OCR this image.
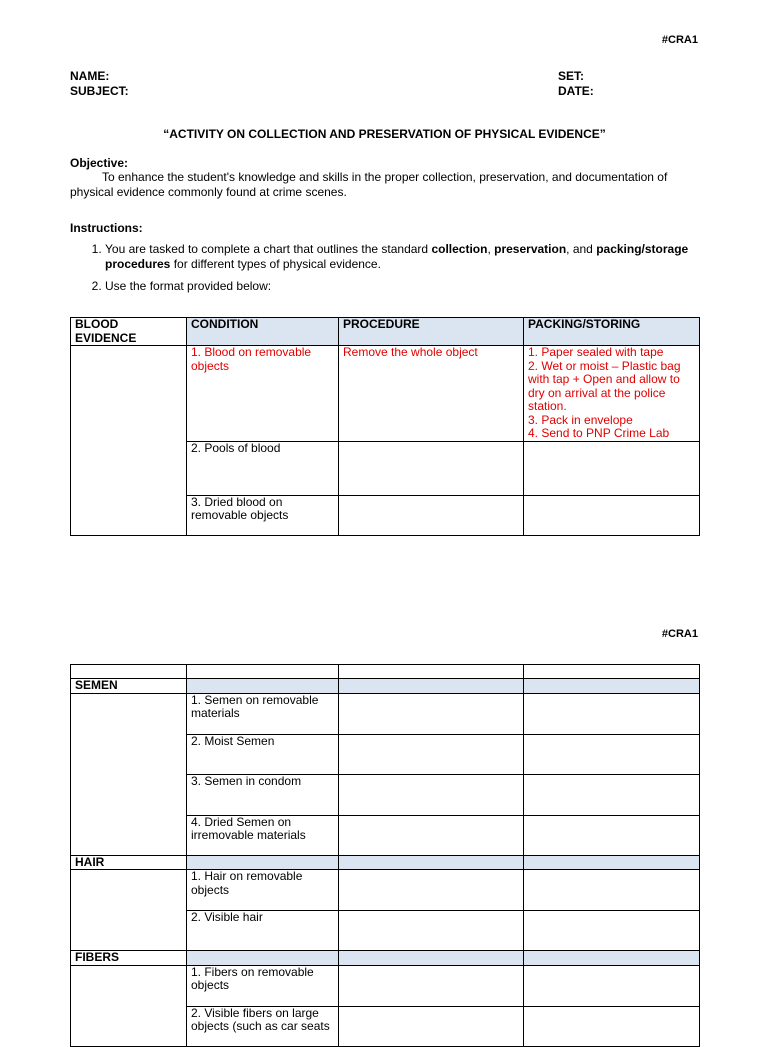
#CRA1
NAME:
SUBJECT:
SET:
DATE:
“ACTIVITY ON COLLECTION AND PRESERVATION OF PHYSICAL EVIDENCE”
Objective:
To enhance the student's knowledge and skills in the proper collection, preservation, and documentation of physical evidence commonly found at crime scenes.
Instructions:
1. You are tasked to complete a chart that outlines the standard collection, preservation, and packing/storage procedures for different types of physical evidence.
2. Use the format provided below:
BLOOD EVIDENCE	CONDITION	PROCEDURE	PACKING/STORING
	1. Blood on removable objects	Remove the whole object	1. Paper sealed with tape
2. Wet or moist – Plastic bag with tap + Open and allow to dry on arrival at the police station.
3. Pack in envelope
4. Send to PNP Crime Lab

	2. Pools of blood		
	3. Dried blood on removable objects		
#CRA1

SEMEN			
	1. Semen on removable materials		
	2. Moist Semen		
	3. Semen in condom		
	4. Dried Semen on irremovable materials		
HAIR			
	1. Hair on removable objects		
	2. Visible hair		
FIBERS			
	1. Fibers on removable objects		
	2. Visible fibers on large objects (such as car seats		
